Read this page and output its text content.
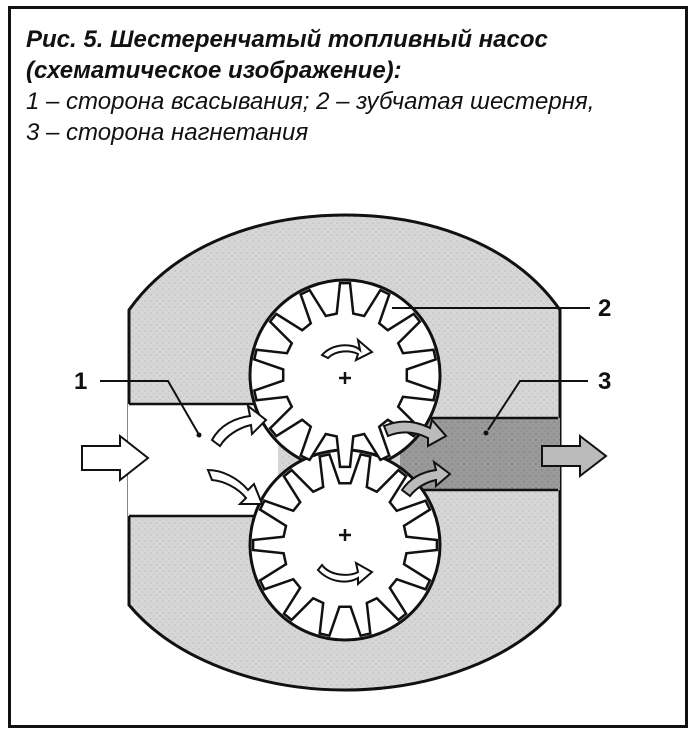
Рис. 5. Шестеренчатый топливный насос
(схематическое изображение):
1 – сторона всасывания; 2 – зубчатая шестерня,
3 – сторона нагнетания
1
2
3
